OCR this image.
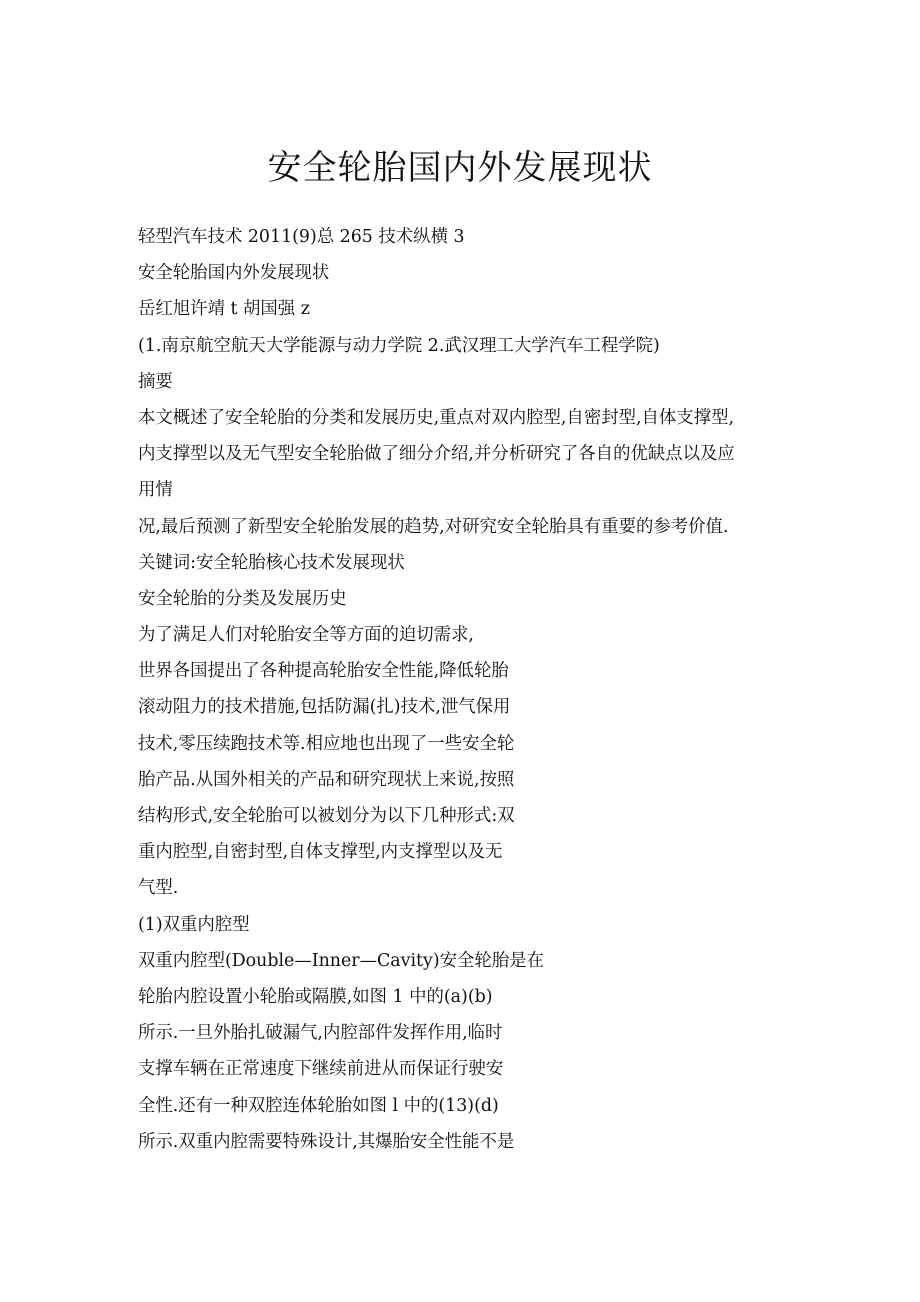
安全轮胎国内外发展现状
轻型汽车技术 2011(9)总 265 技术纵横 3
安全轮胎国内外发展现状
岳红旭许靖 t 胡国强 z
(1.南京航空航天大学能源与动力学院 2.武汉理工大学汽车工程学院)
摘要
本文概述了安全轮胎的分类和发展历史,重点对双内腔型,自密封型,自体支撑型,
内支撑型以及无气型安全轮胎做了细分介绍,并分析研究了各自的优缺点以及应
用情
况,最后预测了新型安全轮胎发展的趋势,对研究安全轮胎具有重要的参考价值.
关键词:安全轮胎核心技术发展现状
安全轮胎的分类及发展历史
为了满足人们对轮胎安全等方面的迫切需求,
世界各国提出了各种提高轮胎安全性能,降低轮胎
滚动阻力的技术措施,包括防漏(扎)技术,泄气保用
技术,零压续跑技术等.相应地也出现了一些安全轮
胎产品.从国外相关的产品和研究现状上来说,按照
结构形式,安全轮胎可以被划分为以下几种形式:双
重内腔型,自密封型,自体支撑型,内支撑型以及无
气型.
(1)双重内腔型
双重内腔型(Double—Inner—Cavity)安全轮胎是在
轮胎内腔设置小轮胎或隔膜,如图 1 中的(a)(b)
所示.一旦外胎扎破漏气,内腔部件发挥作用,临时
支撑车辆在正常速度下继续前进从而保证行驶安
全性.还有一种双腔连体轮胎如图 l 中的(13)(d)
所示.双重内腔需要特殊设计,其爆胎安全性能不是
